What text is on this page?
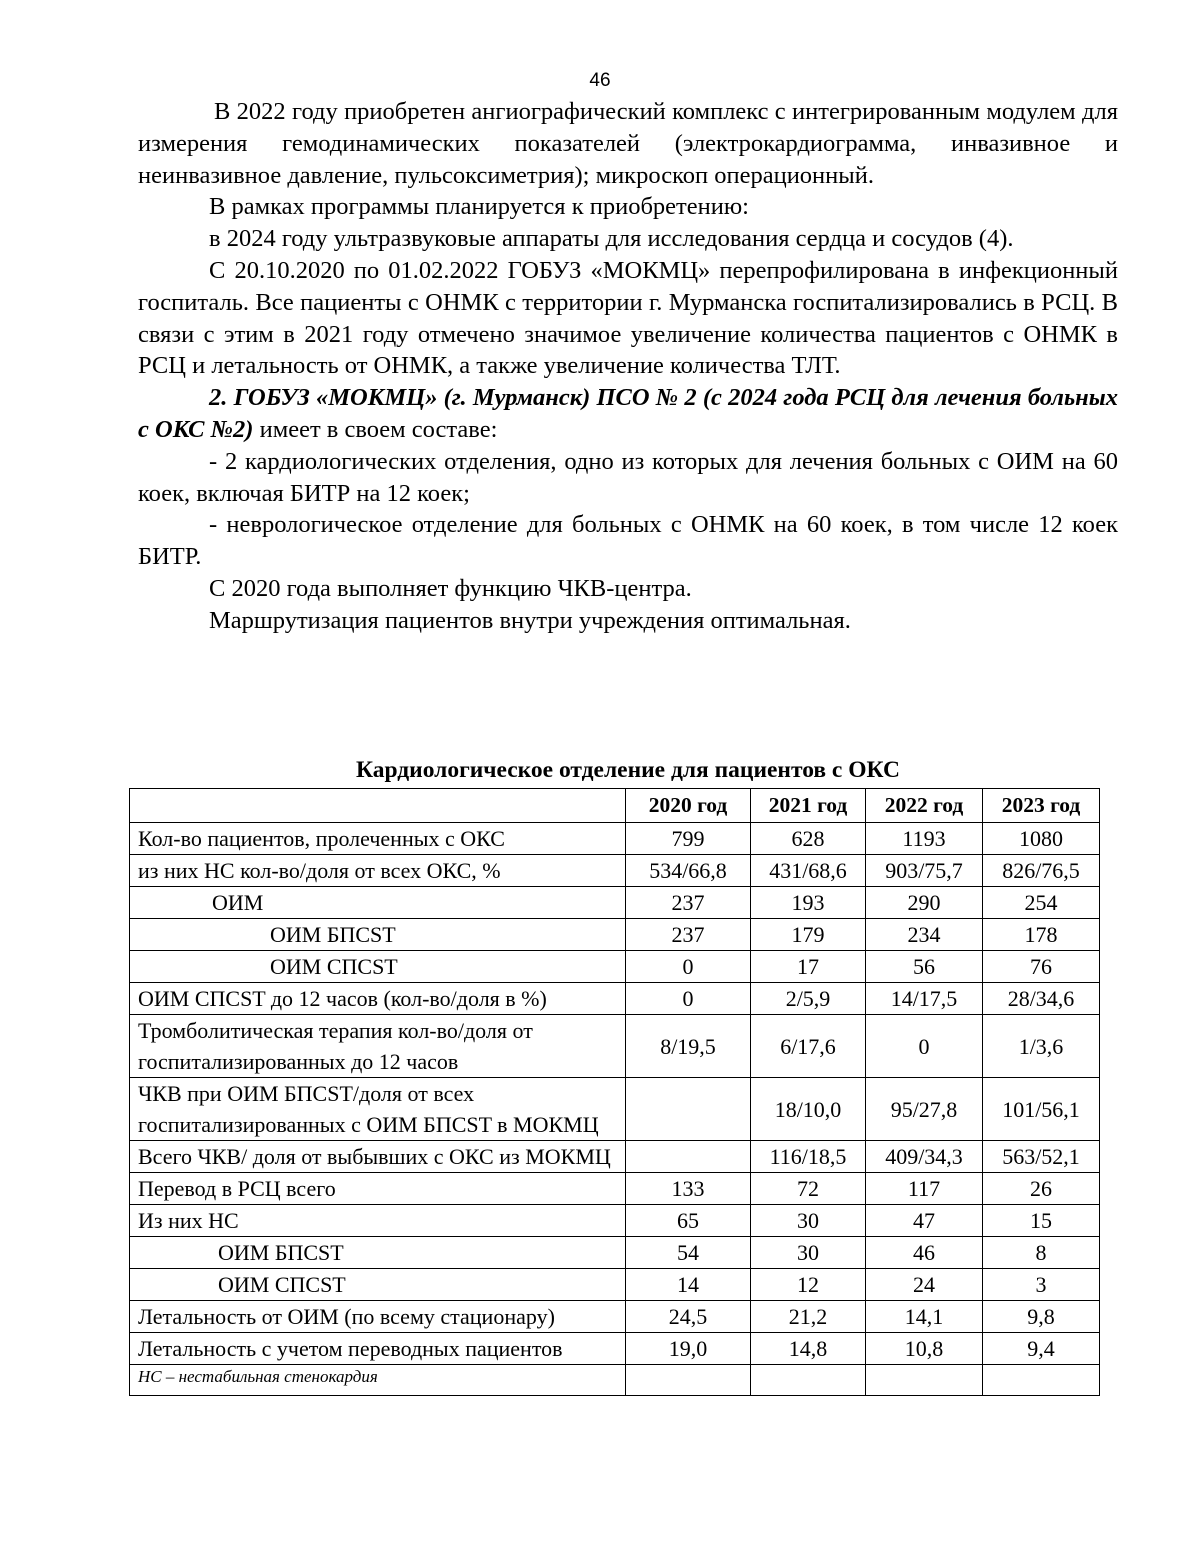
46

В 2022 году приобретен ангиографический комплекс с интегрированным модулем для измерения гемодинамических показателей (электрокардиограмма, инвазивное и неинвазивное давление, пульсоксиметрия); микроскоп операционный.

В рамках программы планируется к приобретению:

в 2024 году ультразвуковые аппараты для исследования сердца и сосудов (4).

С 20.10.2020 по 01.02.2022 ГОБУЗ «МОКМЦ» перепрофилирована в инфекционный госпиталь. Все пациенты с ОНМК с территории г. Мурманска госпитализировались в РСЦ. В связи с этим в 2021 году отмечено значимое увеличение количества пациентов с ОНМК в РСЦ и летальность от ОНМК, а также увеличение количества ТЛТ.

2. ГОБУЗ «МОКМЦ» (г. Мурманск) ПСО № 2 (с 2024 года РСЦ для лечения больных с ОКС №2) имеет в своем составе:

- 2 кардиологических отделения, одно из которых для лечения больных с ОИМ на 60 коек, включая БИТР на 12 коек;

- неврологическое отделение для больных с ОНМК на 60 коек, в том числе 12 коек БИТР.

С 2020 года выполняет функцию ЧКВ-центра.

Маршрутизация пациентов внутри учреждения оптимальная.

Кардиологическое отделение для пациентов с ОКС
	2020 год	2021 год	2022 год	2023 год
Кол-во пациентов, пролеченных с ОКС	799	628	1193	1080
из них НС кол-во/доля от всех ОКС, %	534/66,8	431/68,6	903/75,7	826/76,5
ОИМ	237	193	290	254
ОИМ БПСST	237	179	234	178
ОИМ СПСST	0	17	56	76
ОИМ СПСST до 12 часов (кол-во/доля в %)	0	2/5,9	14/17,5	28/34,6
Тромболитическая терапия кол-во/доля от госпитализированных до 12 часов	8/19,5	6/17,6	0	1/3,6
ЧКВ при ОИМ БПСST/доля от всех госпитализированных с ОИМ БПСST в МОКМЦ		18/10,0	95/27,8	101/56,1
Всего ЧКВ/ доля от выбывших с ОКС из МОКМЦ		116/18,5	409/34,3	563/52,1
Перевод в РСЦ всего	133	72	117	26
Из них НС	65	30	47	15
ОИМ БПСST	54	30	46	8
ОИМ СПСST	14	12	24	3
Летальность от ОИМ (по всему стационару)	24,5	21,2	14,1	9,8
Летальность с учетом переводных пациентов	19,0	14,8	10,8	9,4
НС – нестабильная стенокардия				
